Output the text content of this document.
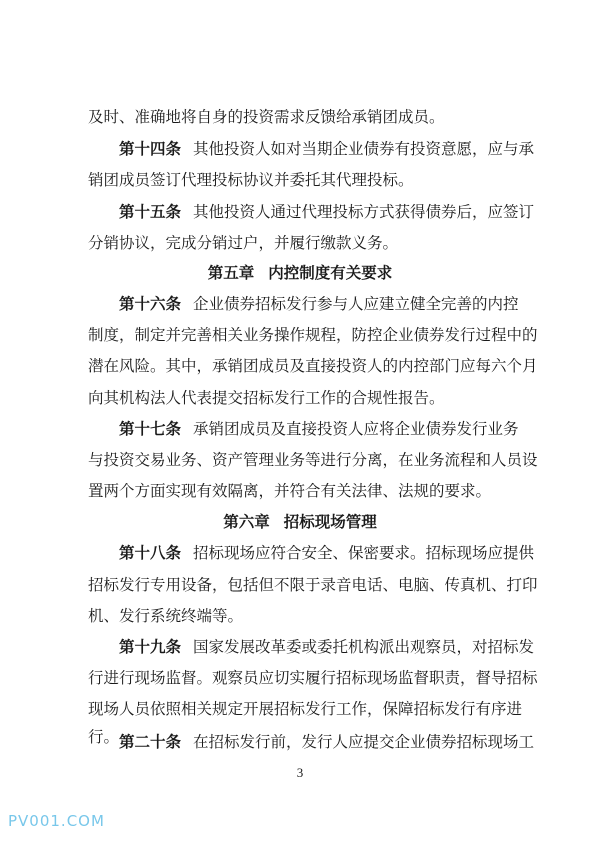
及时、准确地将自身的投资需求反馈给承销团成员。
第十四条 其他投资人如对当期企业债券有投资意愿，应与承
销团成员签订代理投标协议并委托其代理投标。
第十五条 其他投资人通过代理投标方式获得债券后，应签订
分销协议，完成分销过户，并履行缴款义务。
第五章 内控制度有关要求
第十六条 企业债券招标发行参与人应建立健全完善的内控
制度，制定并完善相关业务操作规程，防控企业债券发行过程中的
潜在风险。其中，承销团成员及直接投资人的内控部门应每六个月
向其机构法人代表提交招标发行工作的合规性报告。
第十七条 承销团成员及直接投资人应将企业债券发行业务
与投资交易业务、资产管理业务等进行分离，在业务流程和人员设
置两个方面实现有效隔离，并符合有关法律、法规的要求。
第六章 招标现场管理
第十八条 招标现场应符合安全、保密要求。招标现场应提供
招标发行专用设备，包括但不限于录音电话、电脑、传真机、打印
机、发行系统终端等。
第十九条 国家发展改革委或委托机构派出观察员，对招标发
行进行现场监督。观察员应切实履行招标现场监督职责，督导招标
现场人员依照相关规定开展招标发行工作，保障招标发行有序进
行。 第二十条 在招标发行前，发行人应提交企业债券招标现场工
3
PV001.COM
